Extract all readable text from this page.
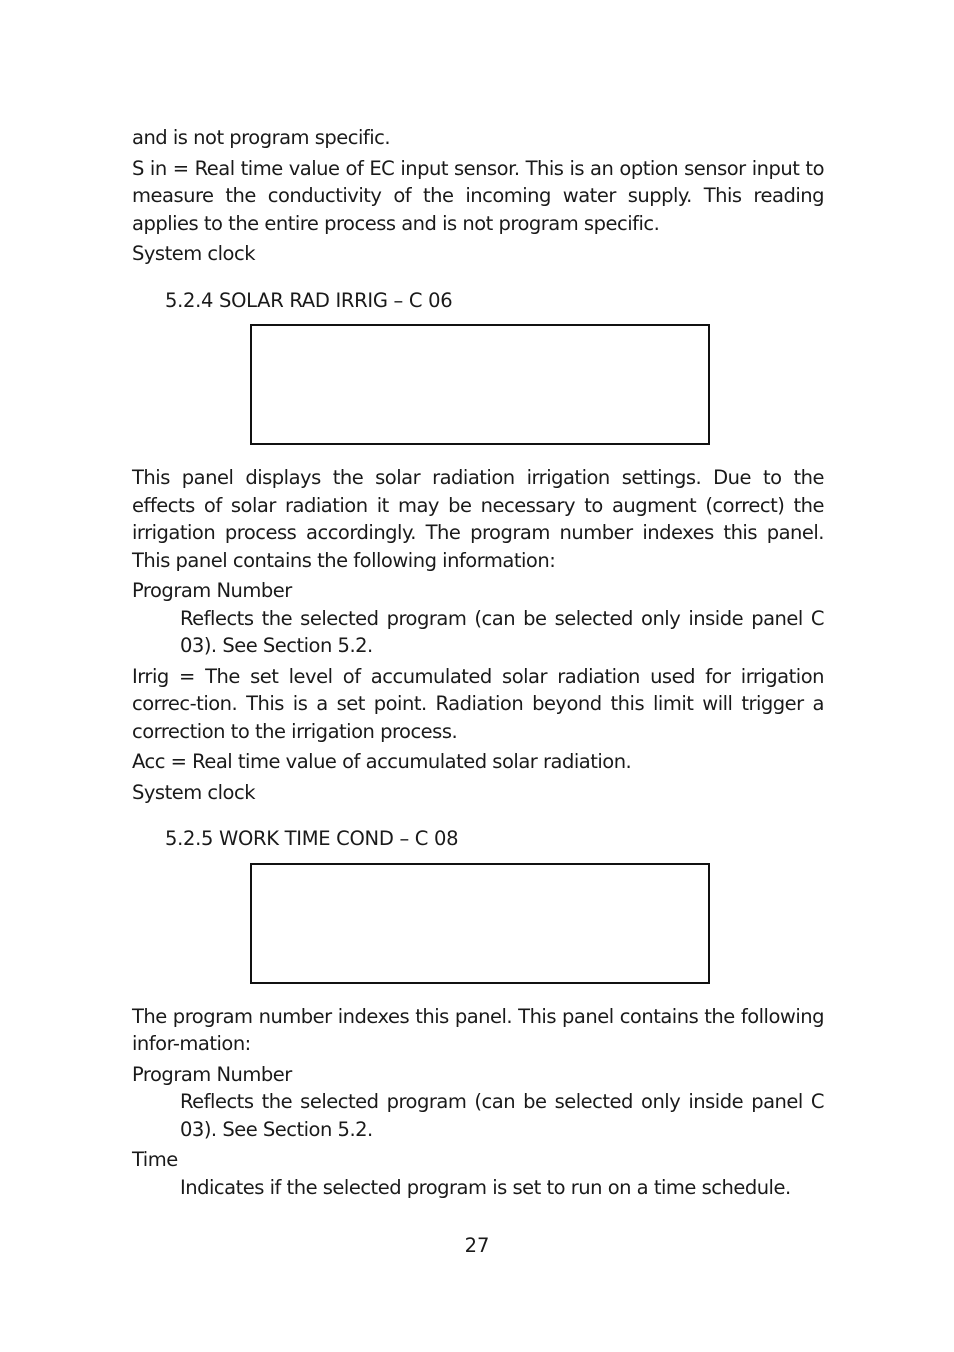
and is not program specific.

S in = Real time value of EC input sensor. This is an option sensor input to measure the conductivity of the incoming water supply. This reading applies to the entire process and is not program specific.

System clock

5.2.4 SOLAR RAD IRRIG – C 06

This panel displays the solar radiation irrigation settings. Due to the effects of solar radiation it may be necessary to augment (correct) the irrigation process accordingly. The program number indexes this panel. This panel contains the following information:

Program Number

Reflects the selected program (can be selected only inside panel C 03). See Section 5.2.

Irrig = The set level of accumulated solar radiation used for irrigation correc-tion. This is a set point. Radiation beyond this limit will trigger a correction to the irrigation process.

Acc = Real time value of accumulated solar radiation.

System clock

5.2.5 WORK TIME COND – C 08

The program number indexes this panel. This panel contains the following infor-mation:

Program Number

Reflects the selected program (can be selected only inside panel C 03). See Section 5.2.

Time

Indicates if the selected program is set to run on a time schedule.

27
